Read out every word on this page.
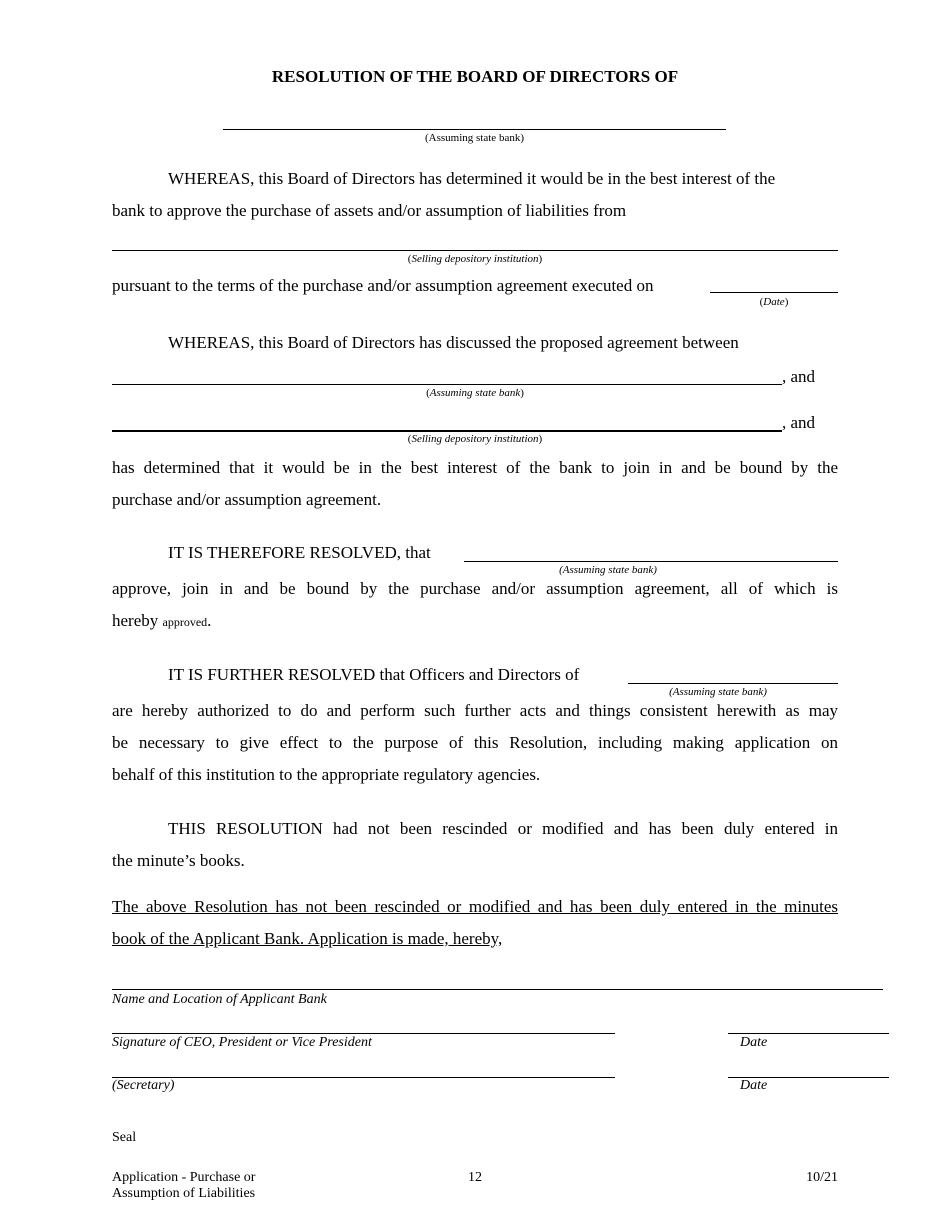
RESOLUTION OF THE BOARD OF DIRECTORS OF
(Assuming state bank)
WHEREAS, this Board of Directors has determined it would be in the best interest of the
bank to approve the purchase of assets and/or assumption of liabilities from
(Selling depository institution)
pursuant to the terms of the purchase and/or assumption agreement executed on
(Date)
WHEREAS, this Board of Directors has discussed the proposed agreement between
, and
(Assuming state bank)
, and
(Selling depository institution)
has determined that it would be in the best interest of the bank to join in and be bound by the
purchase and/or assumption agreement.
IT IS THEREFORE RESOLVED, that
(Assuming state bank)
approve, join in and be bound by the purchase and/or assumption agreement, all of which is
hereby approved.
IT IS FURTHER RESOLVED that Officers and Directors of
(Assuming state bank)
are hereby authorized to do and perform such further acts and things consistent herewith as may
be necessary to give effect to the purpose of this Resolution, including making application on
behalf of this institution to the appropriate regulatory agencies.
THIS RESOLUTION had not been rescinded or modified and has been duly entered in
the minute’s books.
The above Resolution has not been rescinded or modified and has been duly entered in the minutes
book of the Applicant Bank. Application is made, hereby,
Name and Location of Applicant Bank
Signature of CEO, President or Vice President	Date
(Secretary)	Date
Seal
Application - Purchase or
Assumption of Liabilities
12	10/21
